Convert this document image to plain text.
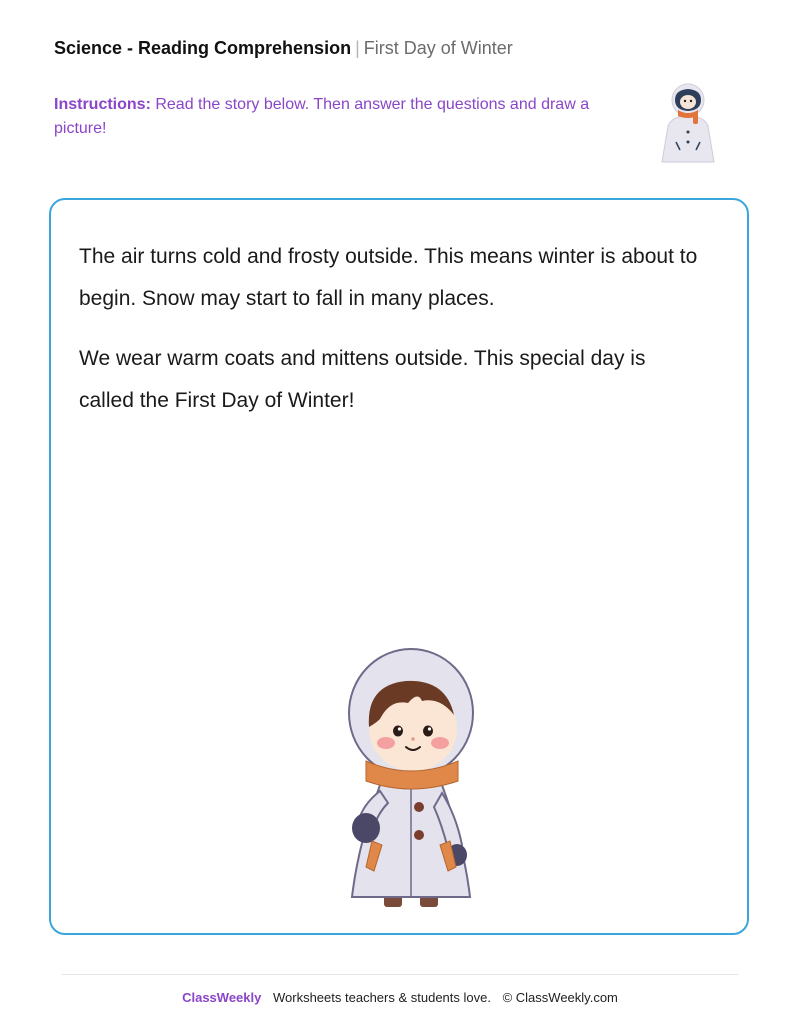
Science - Reading Comprehension | First Day of Winter
Instructions: Read the story below. Then answer the questions and draw a picture!

The air turns cold and frosty outside. This means winter is about to begin. Snow may start to fall in many places.

We wear warm coats and mittens outside. This special day is called the First Day of Winter!

ClassWeekly Worksheets teachers & students love. © ClassWeekly.com
